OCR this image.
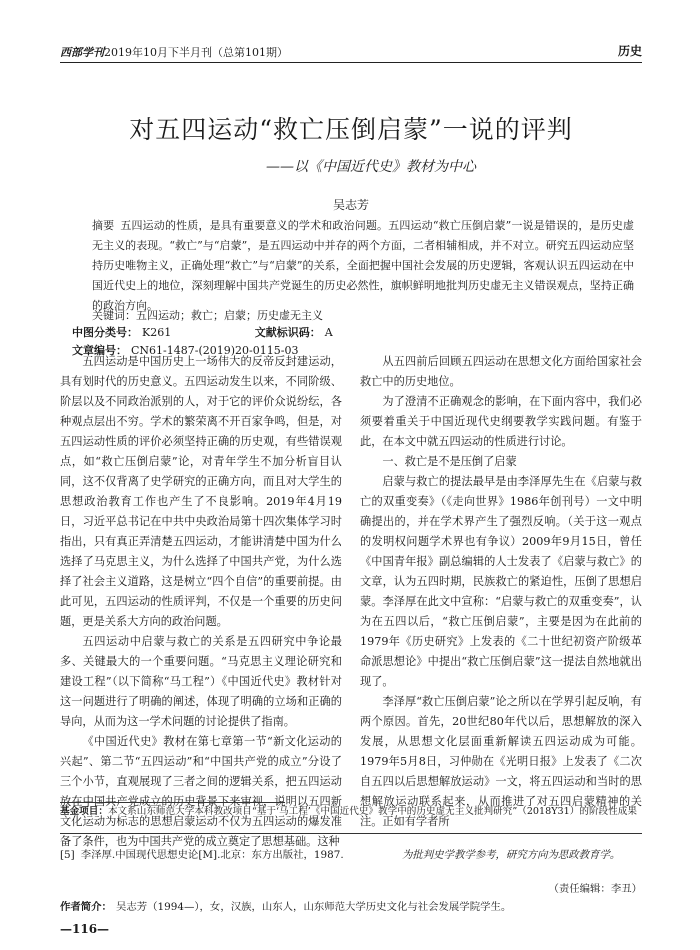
西部学刊2019年10月下半月刊（总第101期）	历史
对五四运动“救亡压倒启蒙”一说的评判
——以《中国近代史》教材为中心
吴志芳
摘要 五四运动的性质，是具有重要意义的学术和政治问题。五四运动“救亡压倒启蒙”一说是错误的，是历史虚无主义的表现。“救亡”与“启蒙”，是五四运动中并存的两个方面，二者相辅相成，并不对立。研究五四运动应坚持历史唯物主义，正确处理“救亡”与“启蒙”的关系，全面把握中国社会发展的历史逻辑，客观认识五四运动在中国近代史上的地位，深刻理解中国共产党诞生的历史必然性，旗帜鲜明地批判历史虚无主义错误观点，坚持正确的政治方向。
关键词：五四运动；救亡；启蒙；历史虚无主义
中图分类号： K261	文献标识码： A 文章编号： CN61-1487-(2019)20-0115-03

五四运动是中国历史上一场伟大的反帝反封建运动，具有划时代的历史意义。五四运动发生以来，不同阶级、阶层以及不同政治派别的人，对于它的评价众说纷纭，各种观点层出不穷。学术的繁荣离不开百家争鸣，但是，对五四运动性质的评价必须坚持正确的历史观，有些错误观点，如“救亡压倒启蒙”论，对青年学生不加分析盲目认同，这不仅背离了史学研究的正确方向，而且对大学生的思想政治教育工作也产生了不良影响。2019年4月19日，习近平总书记在中共中央政治局第十四次集体学习时指出，只有真正弄清楚五四运动，才能讲清楚中国为什么选择了马克思主义，为什么选择了中国共产党，为什么选择了社会主义道路，这是树立“四个自信”的重要前提。由此可见，五四运动的性质评判，不仅是一个重要的历史问题，更是关系大方向的政治问题。

五四运动中启蒙与救亡的关系是五四研究中争论最多、关键最大的一个重要问题。“马克思主义理论研究和建设工程”（以下简称“马工程”）《中国近代史》教材针对这一问题进行了明确的阐述，体现了明确的立场和正确的导向，从而为这一学术问题的讨论提供了指南。

《中国近代史》教材在第七章第一节“新文化运动的兴起”、第二节“五四运动”和“中国共产党的成立”分设了三个小节，直观展现了三者之间的逻辑关系，把五四运动放在中国共产党成立的历史背景下来审视，说明以五四新文化运动为标志的思想启蒙运动不仅为五四运动的爆发准备了条件，也为中国共产党的成立奠定了思想基础。这种

从五四前后回顾五四运动在思想文化方面给国家社会救亡中的历史地位。

为了澄清不正确观念的影响，在下面内容中，我们必须要着重关于中国近现代史纲要教学实践问题。有鉴于此，在本文中就五四运动的性质进行讨论。

一、救亡是不是压倒了启蒙

启蒙与救亡的提法最早是由李泽厚先生在《启蒙与救亡的双重变奏》（《走向世界》1986年创刊号）一文中明确提出的，并在学术界产生了强烈反响。（关于这一观点的发明权问题学术界也有争议）2009年9月15日，曾任《中国青年报》副总编辑的人士发表了《启蒙与救亡》的文章，认为五四时期，民族救亡的紧迫性，压倒了思想启蒙。李泽厚在此文中宣称：“启蒙与救亡的双重变奏”，认为在五四以后，“救亡压倒启蒙”，主要是因为在此前的1979年《历史研究》上发表的《二十世纪初资产阶级革命派思想论》中提出“救亡压倒启蒙”这一提法自然地就出现了。

李泽厚“救亡压倒启蒙”论之所以在学界引起反响，有两个原因。首先，20世纪80年代以后，思想解放的深入发展，从思想文化层面重新解读五四运动成为可能。1979年5月8日，习仲勋在《光明日报》上发表了《二次自五四以后思想解放运动》一文，将五四运动和当时的思想解放运动联系起来，从而推进了对五四启蒙精神的关注。正如有学者所

基金项目：本文系山东师范大学本科教改项目“基于‘马工程’《中国近代史》教学中的历史虚无主义批判研究”（2018Y31）的阶段性成果

[5] 李泽厚.中国现代思想史论[M].北京：东方出版社，1987.	为批判史学教学参考，研究方向为思政教育学。
（责任编辑：李丑）
作者简介： 吴志芳（1994—），女，汉族，山东人，山东师范大学历史文化与社会发展学院学生。
—116—
